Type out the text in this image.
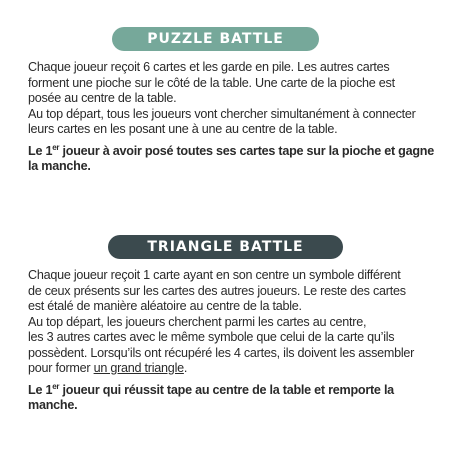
PUZZLE BATTLE

Chaque joueur reçoit 6 cartes et les garde en pile. Les autres cartes

forment une pioche sur le côté de la table. Une carte de la pioche est

posée au centre de la table.

Au top départ, tous les joueurs vont chercher simultanément à connecter

leurs cartes en les posant une à une au centre de la table.

Le 1er joueur à avoir posé toutes ses cartes tape sur la pioche et gagne
la manche.

TRIANGLE BATTLE

Chaque joueur reçoit 1 carte ayant en son centre un symbole différent

de ceux présents sur les cartes des autres joueurs. Le reste des cartes

est étalé de manière aléatoire au centre de la table.

Au top départ, les joueurs cherchent parmi les cartes au centre,

les 3 autres cartes avec le même symbole que celui de la carte qu’ils

possèdent. Lorsqu’ils ont récupéré les 4 cartes, ils doivent les assembler

pour former un grand triangle.

Le 1er joueur qui réussit tape au centre de la table et remporte la manche.
